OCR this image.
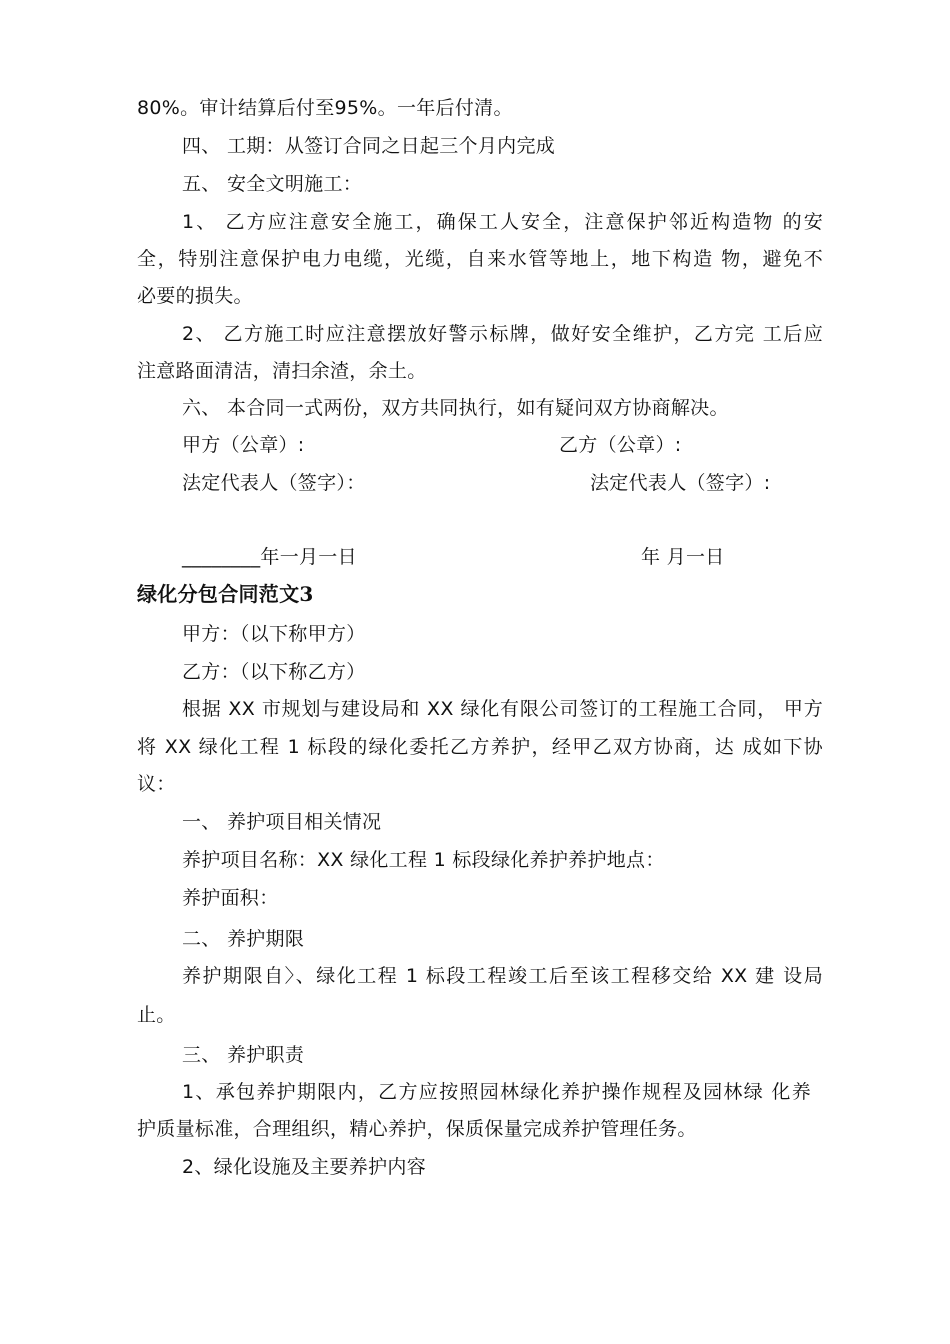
80%。审计结算后付至95%。一年后付清。
四、 工期：从签订合同之日起三个月内完成
五、 安全文明施工：
1、 乙方应注意安全施工，确保工人安全，注意保护邻近构造物 的安
全，特别注意保护电力电缆，光缆，自来水管等地上，地下构造 物，避免不
必要的损失。
2、 乙方施工时应注意摆放好警示标牌，做好安全维护，乙方完 工后应
注意路面清洁，清扫余渣，余土。
六、 本合同一式两份，双方共同执行，如有疑问双方协商解决。
甲方（公章）:	乙方（公章）:
法定代表人（签字）：	法定代表人（签字）:
________年一月一日	年 月一日
绿化分包合同范文3
甲方：（以下称甲方）
乙方：（以下称乙方）
根据 XX 市规划与建设局和 XX 绿化有限公司签订的工程施工合同， 甲方
将 XX 绿化工程 1 标段的绿化委托乙方养护，经甲乙双方协商，达 成如下协
议：
一、 养护项目相关情况
养护项目名称：XX 绿化工程 1 标段绿化养护养护地点：
养护面积：
二、 养护期限
养护期限自〉、绿化工程 1 标段工程竣工后至该工程移交给 XX 建 设局
止。
三、 养护职责
1、承包养护期限内，乙方应按照园林绿化养护操作规程及园林绿 化养
护质量标准，合理组织，精心养护，保质保量完成养护管理任务。
2、绿化设施及主要养护内容
